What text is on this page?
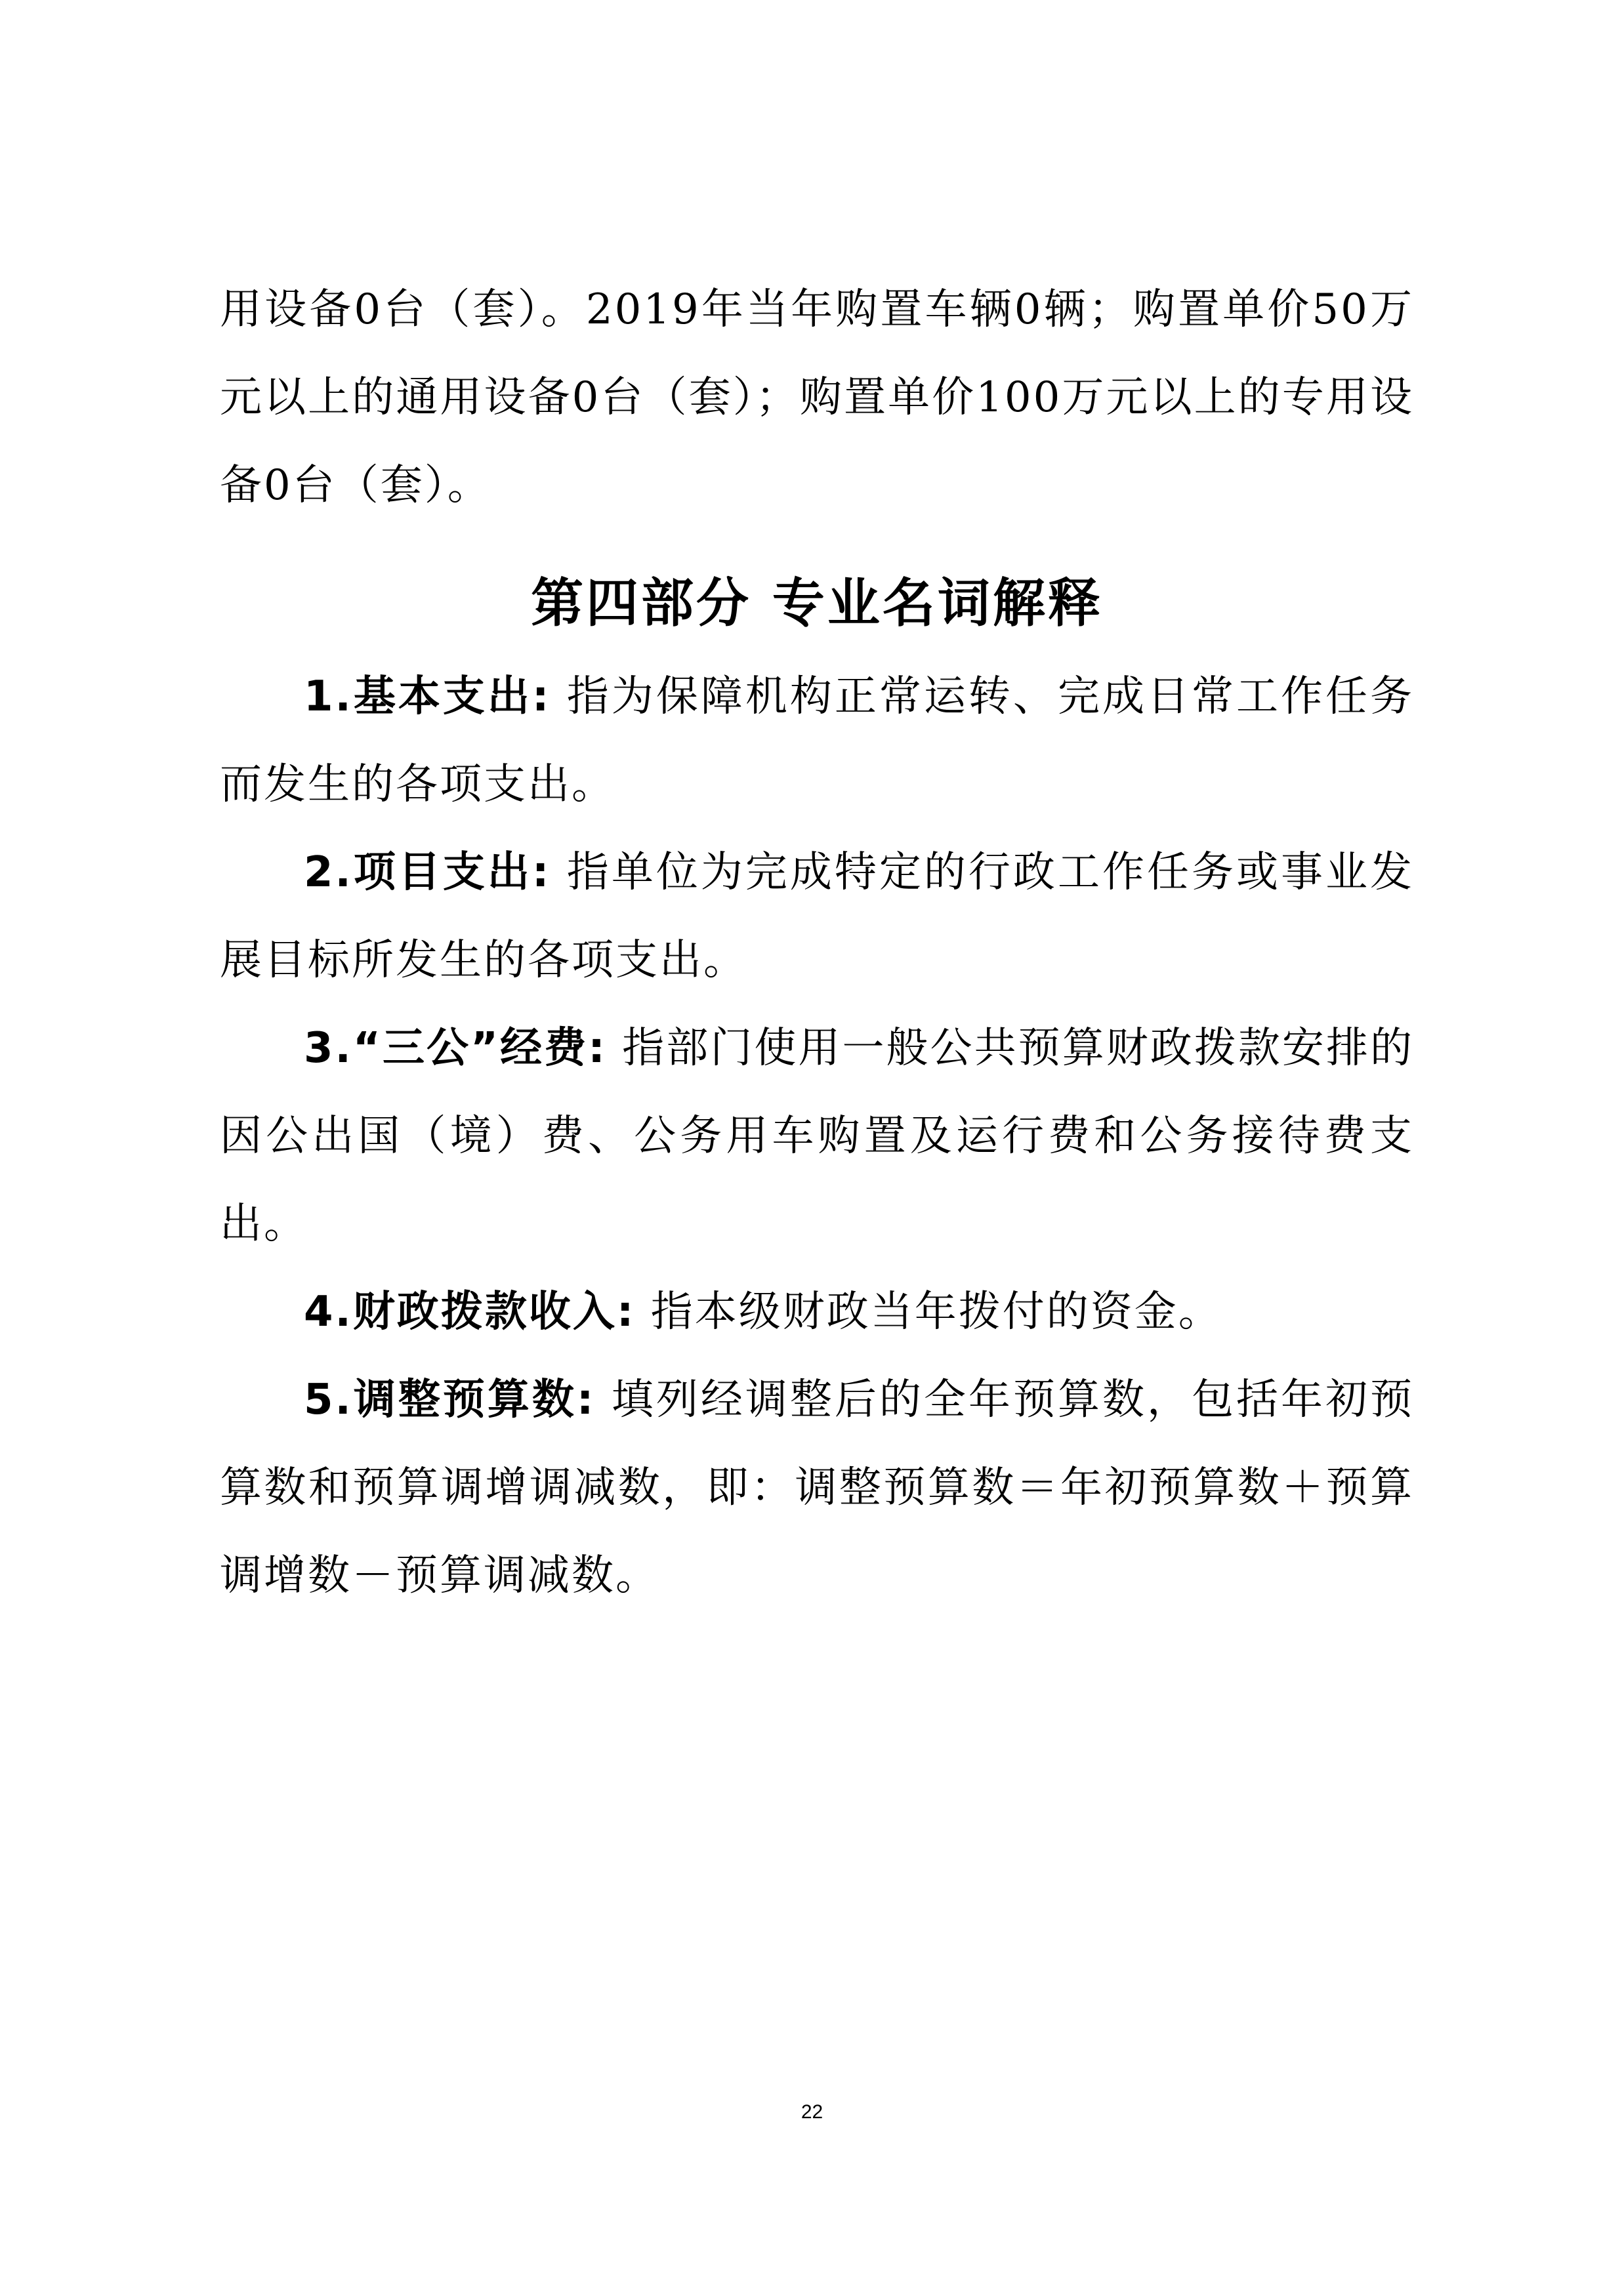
用设备0台（套）。2019年当年购置车辆0辆；购置单价50万元以上的通用设备0台（套）；购置单价100万元以上的专用设备0台（套）。

第四部分 专业名词解释

1.基本支出: 指为保障机构正常运转、完成日常工作任务而发生的各项支出。

2.项目支出: 指单位为完成特定的行政工作任务或事业发展目标所发生的各项支出。

3.“三公”经费: 指部门使用一般公共预算财政拨款安排的因公出国（境）费、公务用车购置及运行费和公务接待费支出。

4.财政拨款收入: 指本级财政当年拨付的资金。

5.调整预算数: 填列经调整后的全年预算数，包括年初预算数和预算调增调减数，即：调整预算数＝年初预算数＋预算调增数－预算调减数。

22
